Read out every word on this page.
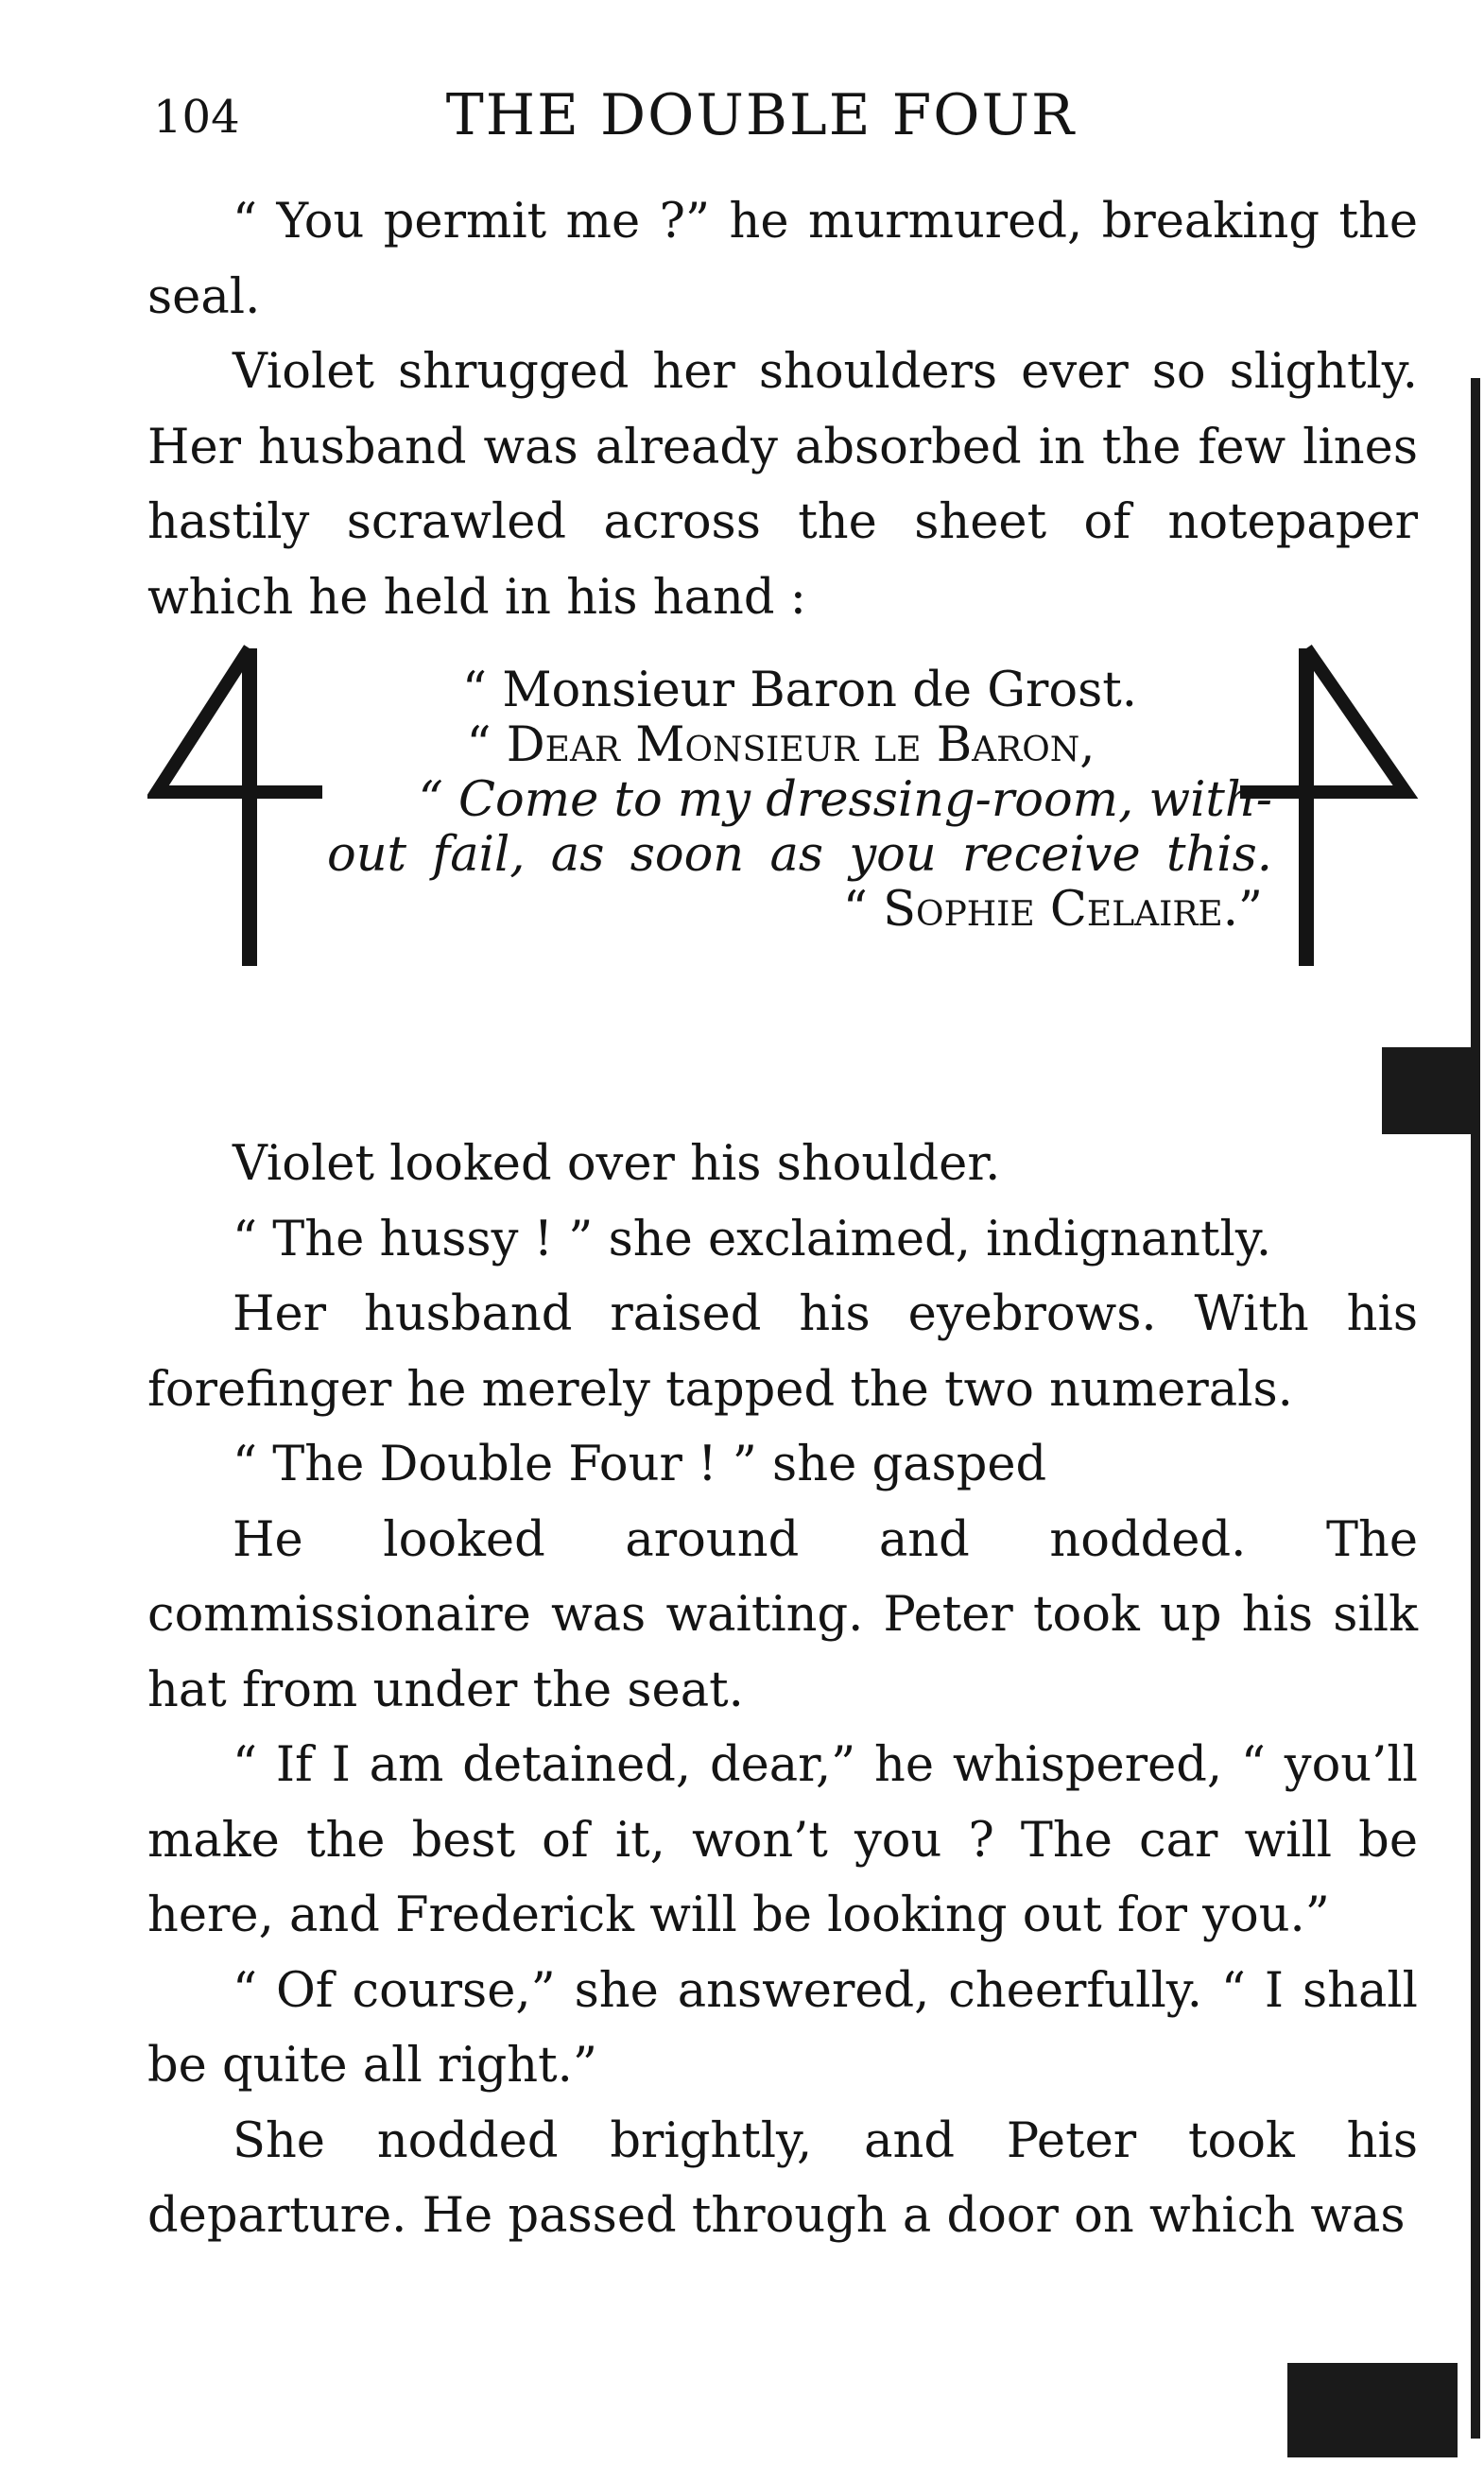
104	THE DOUBLE FOUR

“ You permit me ?” he murmured, breaking the seal.

Violet shrugged her shoulders ever so slightly. Her husband was already absorbed in the few lines hastily scrawled across the sheet of notepaper which he held in his hand :

“ Monsieur Baron de Grost.
“ Dear Monsieur le Baron,
“ Come to my dressing-room, with-
out fail, as soon as you receive this.
“ Sophie Celaire.”

Violet looked over his shoulder.

“ The hussy ! ” she exclaimed, indignantly.

Her husband raised his eyebrows. With his forefinger he merely tapped the two numerals.

“ The Double Four ! ” she gasped

He looked around and nodded. The commissionaire was waiting. Peter took up his silk hat from under the seat.

“ If I am detained, dear,” he whispered, “ you’ll make the best of it, won’t you ? The car will be here, and Frederick will be looking out for you.”

“ Of course,” she answered, cheerfully. “ I shall be quite all right.”

She nodded brightly, and Peter took his departure. He passed through a door on which was
